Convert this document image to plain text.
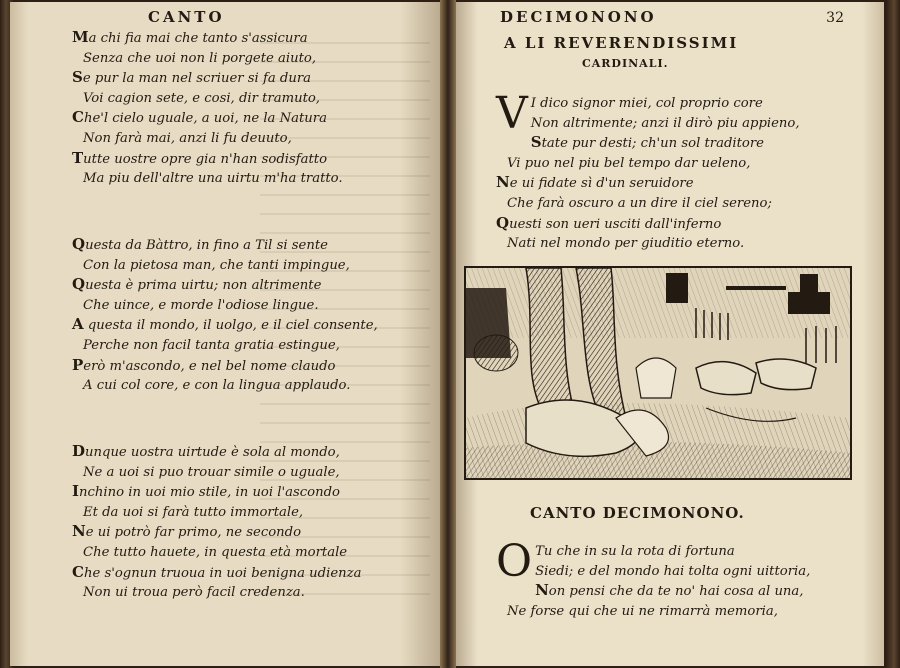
CANTO
Ma chi fia mai che tanto s'assicura
Senza che uoi non li porgete aiuto,
Se pur la man nel scriuer si fa dura
Voi cagion sete, e cosi, dir tramuto,
Che'l cielo uguale, a uoi, ne la Natura
Non farà mai, anzi li fu deuuto,
Tutte uostre opre gia n'han sodisfatto
Ma piu dell'altre una uirtu m'ha tratto.
Questa da Bàttro, in fino a Til si sente
Con la pietosa man, che tanti impingue,
Questa è prima uirtu; non altrimente
Che uince, e morde l'odiose lingue.
A questa il mondo, il uolgo, e il ciel consente,
Perche non facil tanta gratia estingue,
Però m'ascondo, e nel bel nome claudo
A cui col core, e con la lingua applaudo.
Dunque uostra uirtude è sola al mondo,
Ne a uoi si puo trouar simile o uguale,
Inchino in uoi mio stile, in uoi l'ascondo
Et da uoi si farà tutto immortale,
Ne ui potrò far primo, ne secondo
Che tutto hauete, in questa età mortale
Che s'ognun truoua in uoi benigna udienza
Non ui troua però facil credenza.
DECIMONONO	32
A LI REVERENDISSIMI
CARDINALI.
V I dico signor miei, col proprio core
Non altrimente; anzi il dirò piu appieno,
State pur desti; ch'un sol traditore
Vi puo nel piu bel tempo dar ueleno,
Ne ui fidate sì d'un seruidore
Che farà oscuro a un dire il ciel sereno;
Questi son ueri usciti dall'inferno
Nati nel mondo per giuditio eterno.
CANTO DECIMONONO.
O Tu che in su la rota di fortuna
Siedi; e del mondo hai tolta ogni uittoria,
Non pensi che da te no' hai cosa al una,
Ne forse qui che ui ne rimarrà memoria,
